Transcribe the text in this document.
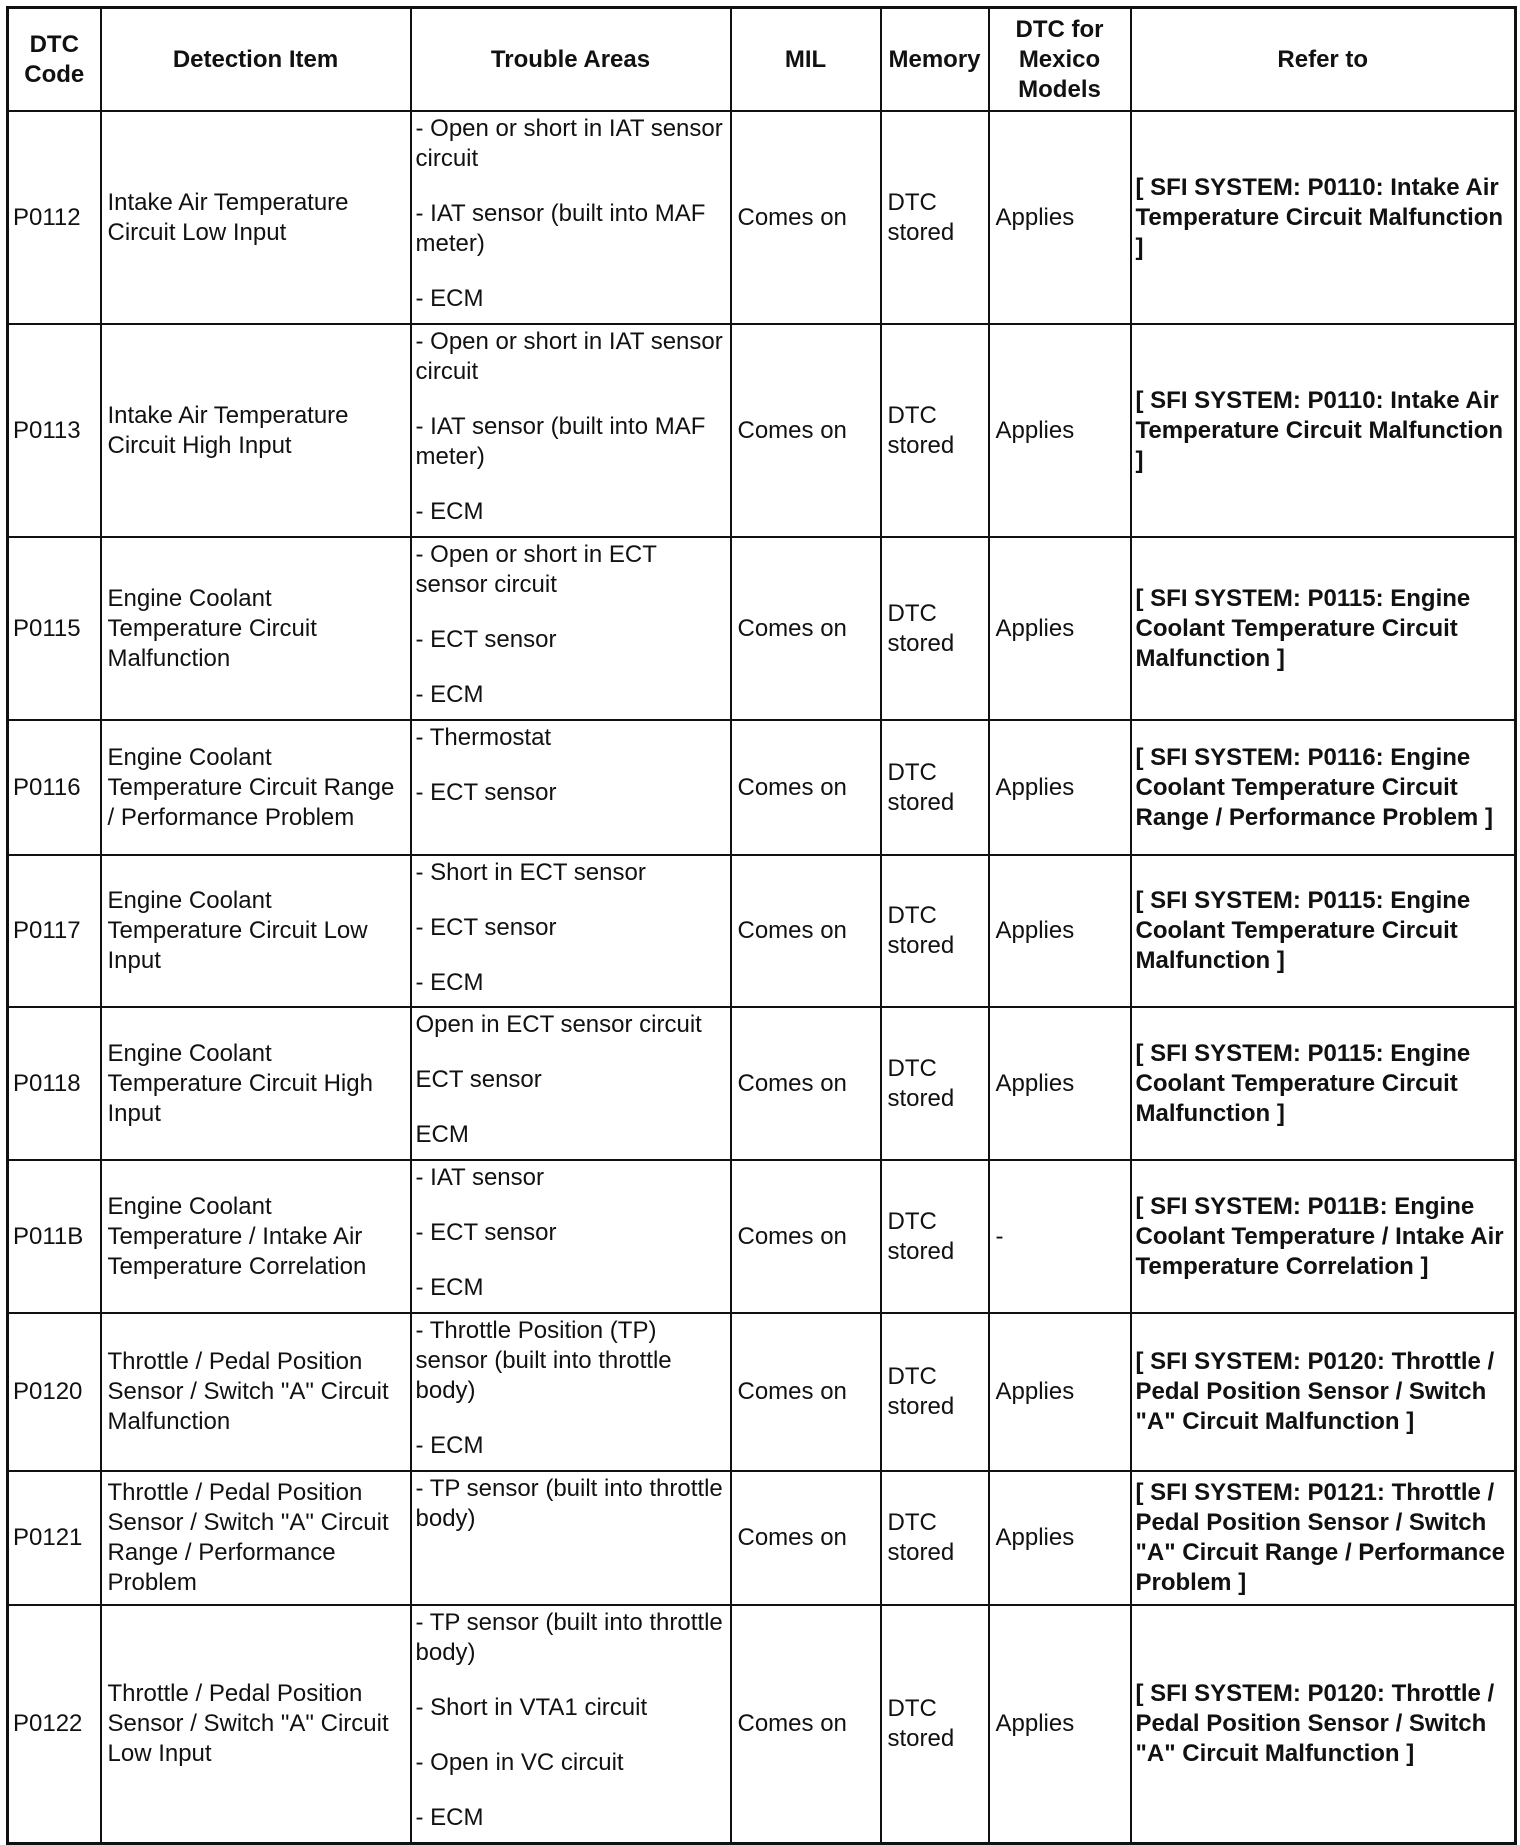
DTC Code	Detection Item	Trouble Areas	MIL	Memory	DTC for Mexico Models	Refer to
P0112	Intake Air Temperature Circuit Low Input	- Open or short in IAT sensor circuit
- IAT sensor (built into MAF meter)
- ECM	Comes on	DTC stored	Applies	[ SFI SYSTEM: P0110: Intake Air Temperature Circuit Malfunction ]
P0113	Intake Air Temperature Circuit High Input	- Open or short in IAT sensor circuit
- IAT sensor (built into MAF meter)
- ECM	Comes on	DTC stored	Applies	[ SFI SYSTEM: P0110: Intake Air Temperature Circuit Malfunction ]
P0115	Engine Coolant Temperature Circuit Malfunction	- Open or short in ECT sensor circuit
- ECT sensor
- ECM	Comes on	DTC stored	Applies	[ SFI SYSTEM: P0115: Engine Coolant Temperature Circuit Malfunction ]
P0116	Engine Coolant Temperature Circuit Range / Performance Problem	- Thermostat
- ECT sensor	Comes on	DTC stored	Applies	[ SFI SYSTEM: P0116: Engine Coolant Temperature Circuit Range / Performance Problem ]
P0117	Engine Coolant Temperature Circuit Low Input	- Short in ECT sensor
- ECT sensor
- ECM	Comes on	DTC stored	Applies	[ SFI SYSTEM: P0115: Engine Coolant Temperature Circuit Malfunction ]
P0118	Engine Coolant Temperature Circuit High Input	Open in ECT sensor circuit
ECT sensor
ECM	Comes on	DTC stored	Applies	[ SFI SYSTEM: P0115: Engine Coolant Temperature Circuit Malfunction ]
P011B	Engine Coolant Temperature / Intake Air Temperature Correlation	- IAT sensor
- ECT sensor
- ECM	Comes on	DTC stored	-	[ SFI SYSTEM: P011B: Engine Coolant Temperature / Intake Air Temperature Correlation ]
P0120	Throttle / Pedal Position Sensor / Switch "A" Circuit Malfunction	- Throttle Position (TP) sensor (built into throttle body)
- ECM	Comes on	DTC stored	Applies	[ SFI SYSTEM: P0120: Throttle / Pedal Position Sensor / Switch "A" Circuit Malfunction ]
P0121	Throttle / Pedal Position Sensor / Switch "A" Circuit Range / Performance Problem	- TP sensor (built into throttle body)	Comes on	DTC stored	Applies	[ SFI SYSTEM: P0121: Throttle / Pedal Position Sensor / Switch "A" Circuit Range / Performance Problem ]
P0122	Throttle / Pedal Position Sensor / Switch "A" Circuit Low Input	- TP sensor (built into throttle body)
- Short in VTA1 circuit
- Open in VC circuit
- ECM	Comes on	DTC stored	Applies	[ SFI SYSTEM: P0120: Throttle / Pedal Position Sensor / Switch "A" Circuit Malfunction ]
